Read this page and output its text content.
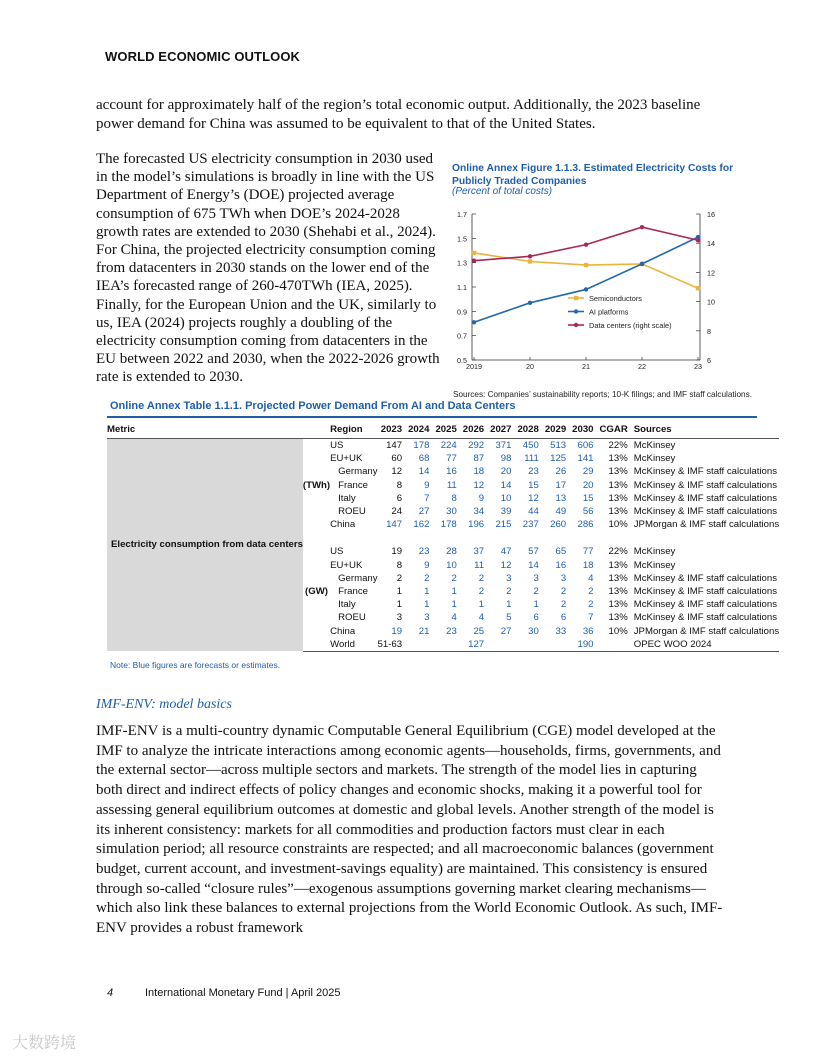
WORLD ECONOMIC OUTLOOK
account for approximately half of the region’s total economic output. Additionally, the 2023 baseline power demand for China was assumed to be equivalent to that of the United States.
The forecasted US electricity consumption in 2030 used in the model’s simulations is broadly in line with the US Department of Energy’s (DOE) projected average consumption of 675 TWh when DOE’s 2024-2028 growth rates are extended to 2030 (Shehabi et al., 2024). For China, the projected electricity consumption coming from datacenters in 2030 stands on the lower end of the IEA’s forecasted range of 260-470TWh (IEA, 2025). Finally, for the European Union and the UK, similarly to us, IEA (2024) projects roughly a doubling of the electricity consumption coming from datacenters in the EU between 2022 and 2030, when the 2022-2026 growth rate is extended to 2030.
Online Annex Figure 1.1.3. Estimated Electricity Costs for Publicly Traded Companies
(Percent of total costs)
0.5
0.7
0.9
1.1
1.3
1.5
1.7
6
8
10
12
14
16
2019	20	21	22	23
Semiconductors
AI platforms
Data centers (right scale)
Sources: Companies’ sustainability reports; 10-K filings; and IMF staff calculations.
Online Annex Table 1.1.1. Projected Power Demand From AI and Data Centers
Metric		Region	2023	2024	2025	2026	2027	2028	2029	2030	CGAR	Sources
Electricity consumption from data centers	(TWh)	US	147	178	224	292	371	450	513	606	22%	McKinsey
		EU+UK	60	68	77	87	98	111	125	141	13%	McKinsey
		Germany	12	14	16	18	20	23	26	29	13%	McKinsey & IMF staff calculations
		France	8	9	11	12	14	15	17	20	13%	McKinsey & IMF staff calculations
		Italy	6	7	8	9	10	12	13	15	13%	McKinsey & IMF staff calculations
		ROEU	24	27	30	34	39	44	49	56	13%	McKinsey & IMF staff calculations
		China	147	162	178	196	215	237	260	286	10%	JPMorgan & IMF staff calculations

	(GW)	US	19	23	28	37	47	57	65	77	22%	McKinsey
		EU+UK	8	9	10	11	12	14	16	18	13%	McKinsey
		Germany	2	2	2	2	3	3	3	4	13%	McKinsey & IMF staff calculations
		France	1	1	1	2	2	2	2	2	13%	McKinsey & IMF staff calculations
		Italy	1	1	1	1	1	1	2	2	13%	McKinsey & IMF staff calculations
		ROEU	3	3	4	4	5	6	6	7	13%	McKinsey & IMF staff calculations
		China	19	21	23	25	27	30	33	36	10%	JPMorgan & IMF staff calculations
		World	51-63			127				190		OPEC WOO 2024
Note: Blue figures are forecasts or estimates.
IMF-ENV: model basics
IMF-ENV is a multi-country dynamic Computable General Equilibrium (CGE) model developed at the IMF to analyze the intricate interactions among economic agents—households, firms, governments, and the external sector—across multiple sectors and markets. The strength of the model lies in capturing both direct and indirect effects of policy changes and economic shocks, making it a powerful tool for assessing general equilibrium outcomes at domestic and global levels. Another strength of the model is its inherent consistency: markets for all commodities and production factors must clear in each simulation period; all resource constraints are respected; and all macroeconomic balances (government budget, current account, and investment-savings equality) are maintained. This consistency is ensured through so-called “closure rules”—exogenous assumptions governing market clearing mechanisms—which also link these balances to external projections from the World Economic Outlook. As such, IMF-ENV provides a robust framework
4	International Monetary Fund | April 2025
大数跨境
